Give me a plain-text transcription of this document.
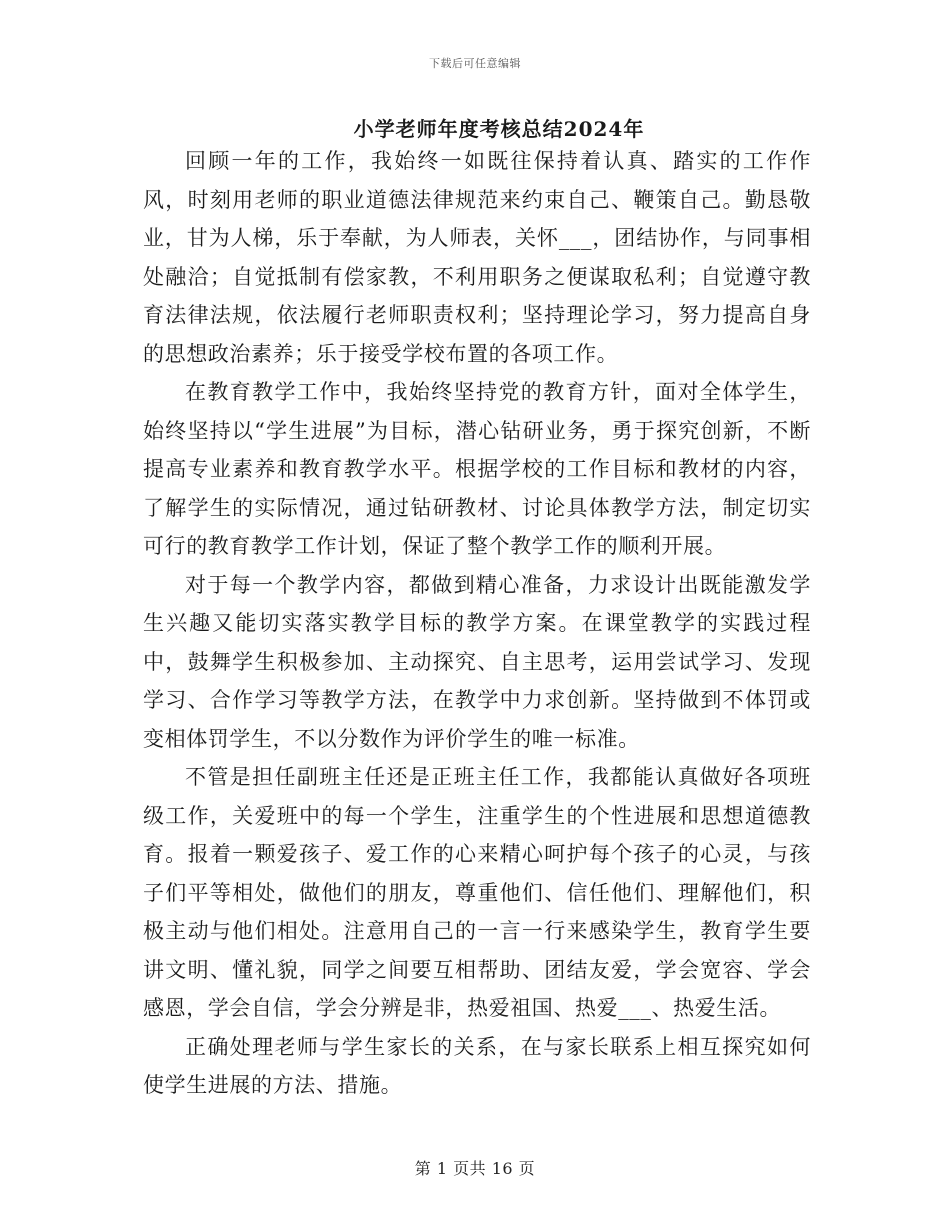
下载后可任意编辑
小学老师年度考核总结2024年

回顾一年的工作，我始终一如既往保持着认真、踏实的工作作风，时刻用老师的职业道德法律规范来约束自己、鞭策自己。勤恳敬业，甘为人梯，乐于奉献，为人师表，关怀___，团结协作，与同事相处融洽；自觉抵制有偿家教，不利用职务之便谋取私利；自觉遵守教育法律法规，依法履行老师职责权利；坚持理论学习，努力提高自身的思想政治素养；乐于接受学校布置的各项工作。

在教育教学工作中，我始终坚持党的教育方针，面对全体学生，始终坚持以“学生进展”为目标，潜心钻研业务，勇于探究创新，不断提高专业素养和教育教学水平。根据学校的工作目标和教材的内容，了解学生的实际情况，通过钻研教材、讨论具体教学方法，制定切实可行的教育教学工作计划，保证了整个教学工作的顺利开展。

对于每一个教学内容，都做到精心准备，力求设计出既能激发学生兴趣又能切实落实教学目标的教学方案。在课堂教学的实践过程中，鼓舞学生积极参加、主动探究、自主思考，运用尝试学习、发现学习、合作学习等教学方法，在教学中力求创新。坚持做到不体罚或变相体罚学生，不以分数作为评价学生的唯一标准。

不管是担任副班主任还是正班主任工作，我都能认真做好各项班级工作，关爱班中的每一个学生，注重学生的个性进展和思想道德教育。报着一颗爱孩子、爱工作的心来精心呵护每个孩子的心灵，与孩子们平等相处，做他们的朋友，尊重他们、信任他们、理解他们，积极主动与他们相处。注意用自己的一言一行来感染学生，教育学生要讲文明、懂礼貌，同学之间要互相帮助、团结友爱，学会宽容、学会感恩，学会自信，学会分辨是非，热爱祖国、热爱___、热爱生活。

正确处理老师与学生家长的关系，在与家长联系上相互探究如何使学生进展的方法、措施。

第 1 页共 16 页
